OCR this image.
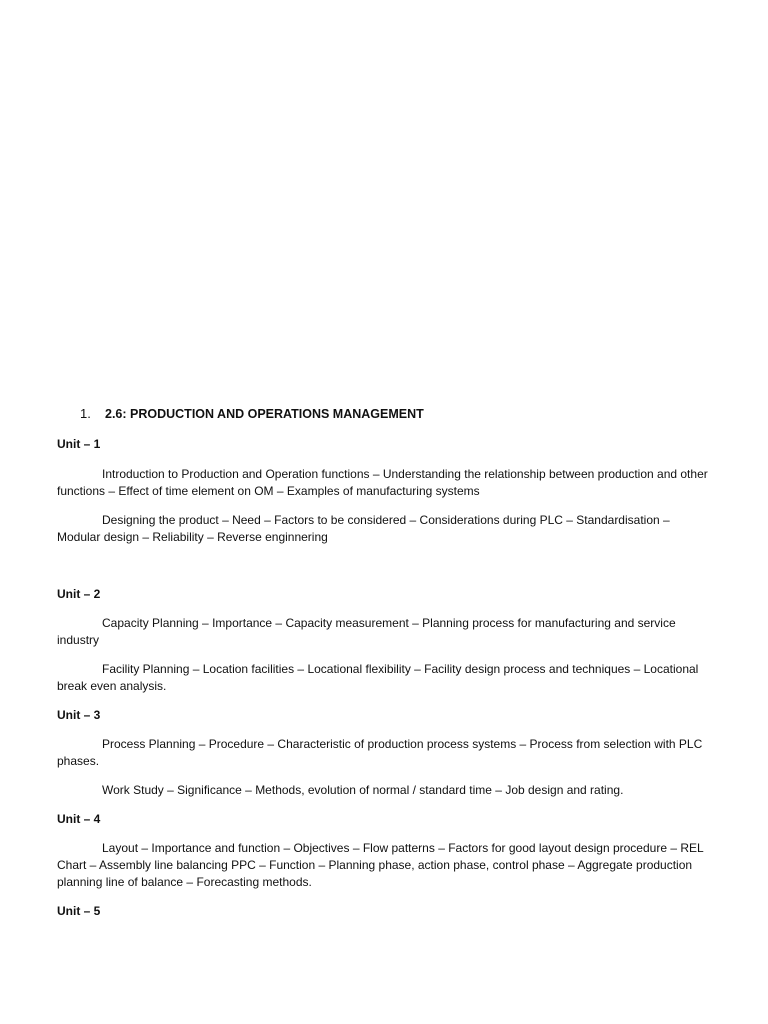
1.	2.6: PRODUCTION AND OPERATIONS MANAGEMENT
Unit – 1

Introduction to Production and Operation functions – Understanding the relationship between production and other functions – Effect of time element on OM – Examples of manufacturing systems

Designing the product – Need – Factors to be considered – Considerations during PLC – Standardisation – Modular design – Reliability – Reverse enginnering

Unit – 2

Capacity Planning – Importance – Capacity measurement – Planning process for manufacturing and service industry

Facility Planning – Location facilities – Locational flexibility – Facility design process and techniques – Locational break even analysis.

Unit – 3

Process Planning – Procedure – Characteristic of production process systems – Process from selection with PLC phases.

Work Study – Significance – Methods, evolution of normal / standard time – Job design and rating.

Unit – 4

Layout – Importance and function – Objectives – Flow patterns – Factors for good layout design procedure – REL Chart – Assembly line balancing PPC – Function – Planning phase, action phase, control phase – Aggregate production planning line of balance – Forecasting methods.

Unit – 5
